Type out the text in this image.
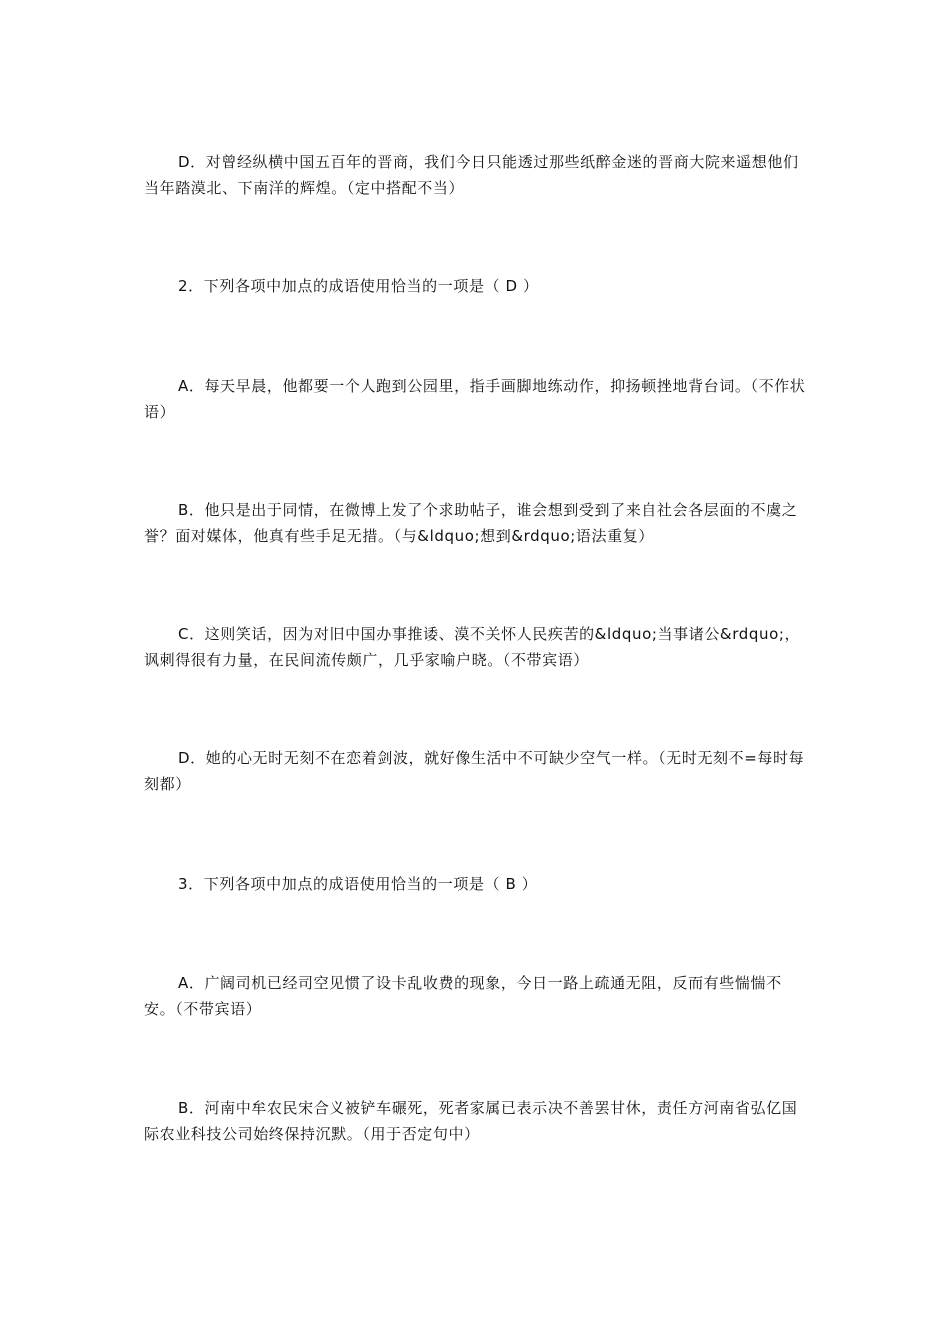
D．对曾经纵横中国五百年的晋商，我们今日只能透过那些纸醉金迷的晋商大院来遥想他们当年踏漠北、下南洋的辉煌。（定中搭配不当）

2．下列各项中加点的成语使用恰当的一项是（ D ）

A．每天早晨，他都要一个人跑到公园里，指手画脚地练动作，抑扬顿挫地背台词。（不作状语）

B．他只是出于同情，在微博上发了个求助帖子，谁会想到受到了来自社会各层面的不虞之誉？面对媒体，他真有些手足无措。（与&ldquo;想到&rdquo;语法重复）

C．这则笑话，因为对旧中国办事推诿、漠不关怀人民疾苦的&ldquo;当事诸公&rdquo;，讽刺得很有力量，在民间流传颇广，几乎家喻户晓。（不带宾语）

D．她的心无时无刻不在恋着剑波，就好像生活中不可缺少空气一样。（无时无刻不=每时每刻都）

3．下列各项中加点的成语使用恰当的一项是（ B ）

A．广阔司机已经司空见惯了设卡乱收费的现象，今日一路上疏通无阻，反而有些惴惴不安。（不带宾语）

B．河南中牟农民宋合义被铲车碾死，死者家属已表示决不善罢甘休，责任方河南省弘亿国际农业科技公司始终保持沉默。（用于否定句中）
